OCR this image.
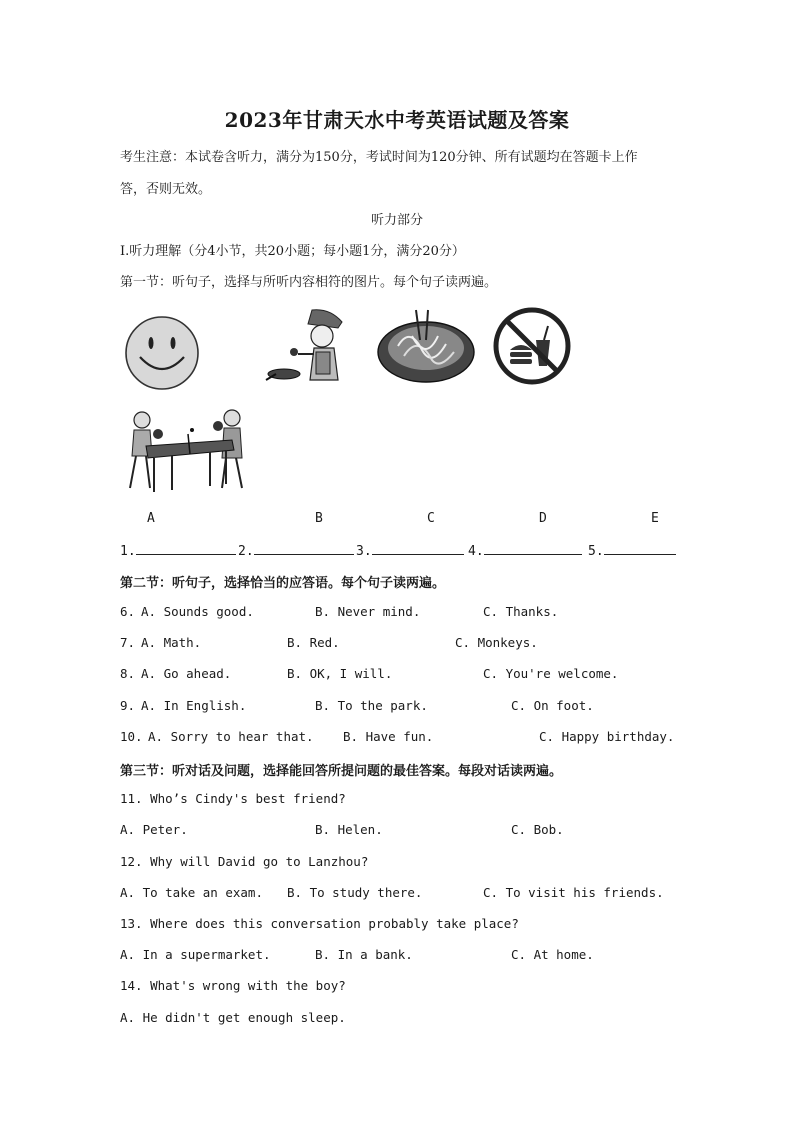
2023年甘肃天水中考英语试题及答案
考生注意：本试卷含听力，满分为150分，考试时间为120分钟、所有试题均在答题卡上作
答，否则无效。
听力部分
Ⅰ.听力理解（分4小节，共20小题；每小题1分，满分20分）
第一节：听句子，选择与所听内容相符的图片。每个句子读两遍。
A	B	C	D	E
1.	2.	3.	4.	5.
第二节：听句子，选择恰当的应答语。每个句子读两遍。
6. A. Sounds good.	B. Never mind.	C. Thanks.
7. A. Math.	B. Red.	C. Monkeys.
8. A. Go ahead.	B. OK, I will.	C. You're welcome.
9. A. In English.	B. To the park.	C. On foot.
10. A. Sorry to hear that. B. Have fun.	C. Happy birthday.
第三节：听对话及问题，选择能回答所提问题的最佳答案。每段对话读两遍。
11. Who’s Cindy's best friend?
A. Peter.	B. Helen.	C. Bob.
12. Why will David go to Lanzhou?
A. To take an exam. B. To study there.	C. To visit his friends.
13. Where does this conversation probably take place?
A. In a supermarket.	B. In a bank.	C. At home.
14. What's wrong with the boy?
A. He didn't get enough sleep.
